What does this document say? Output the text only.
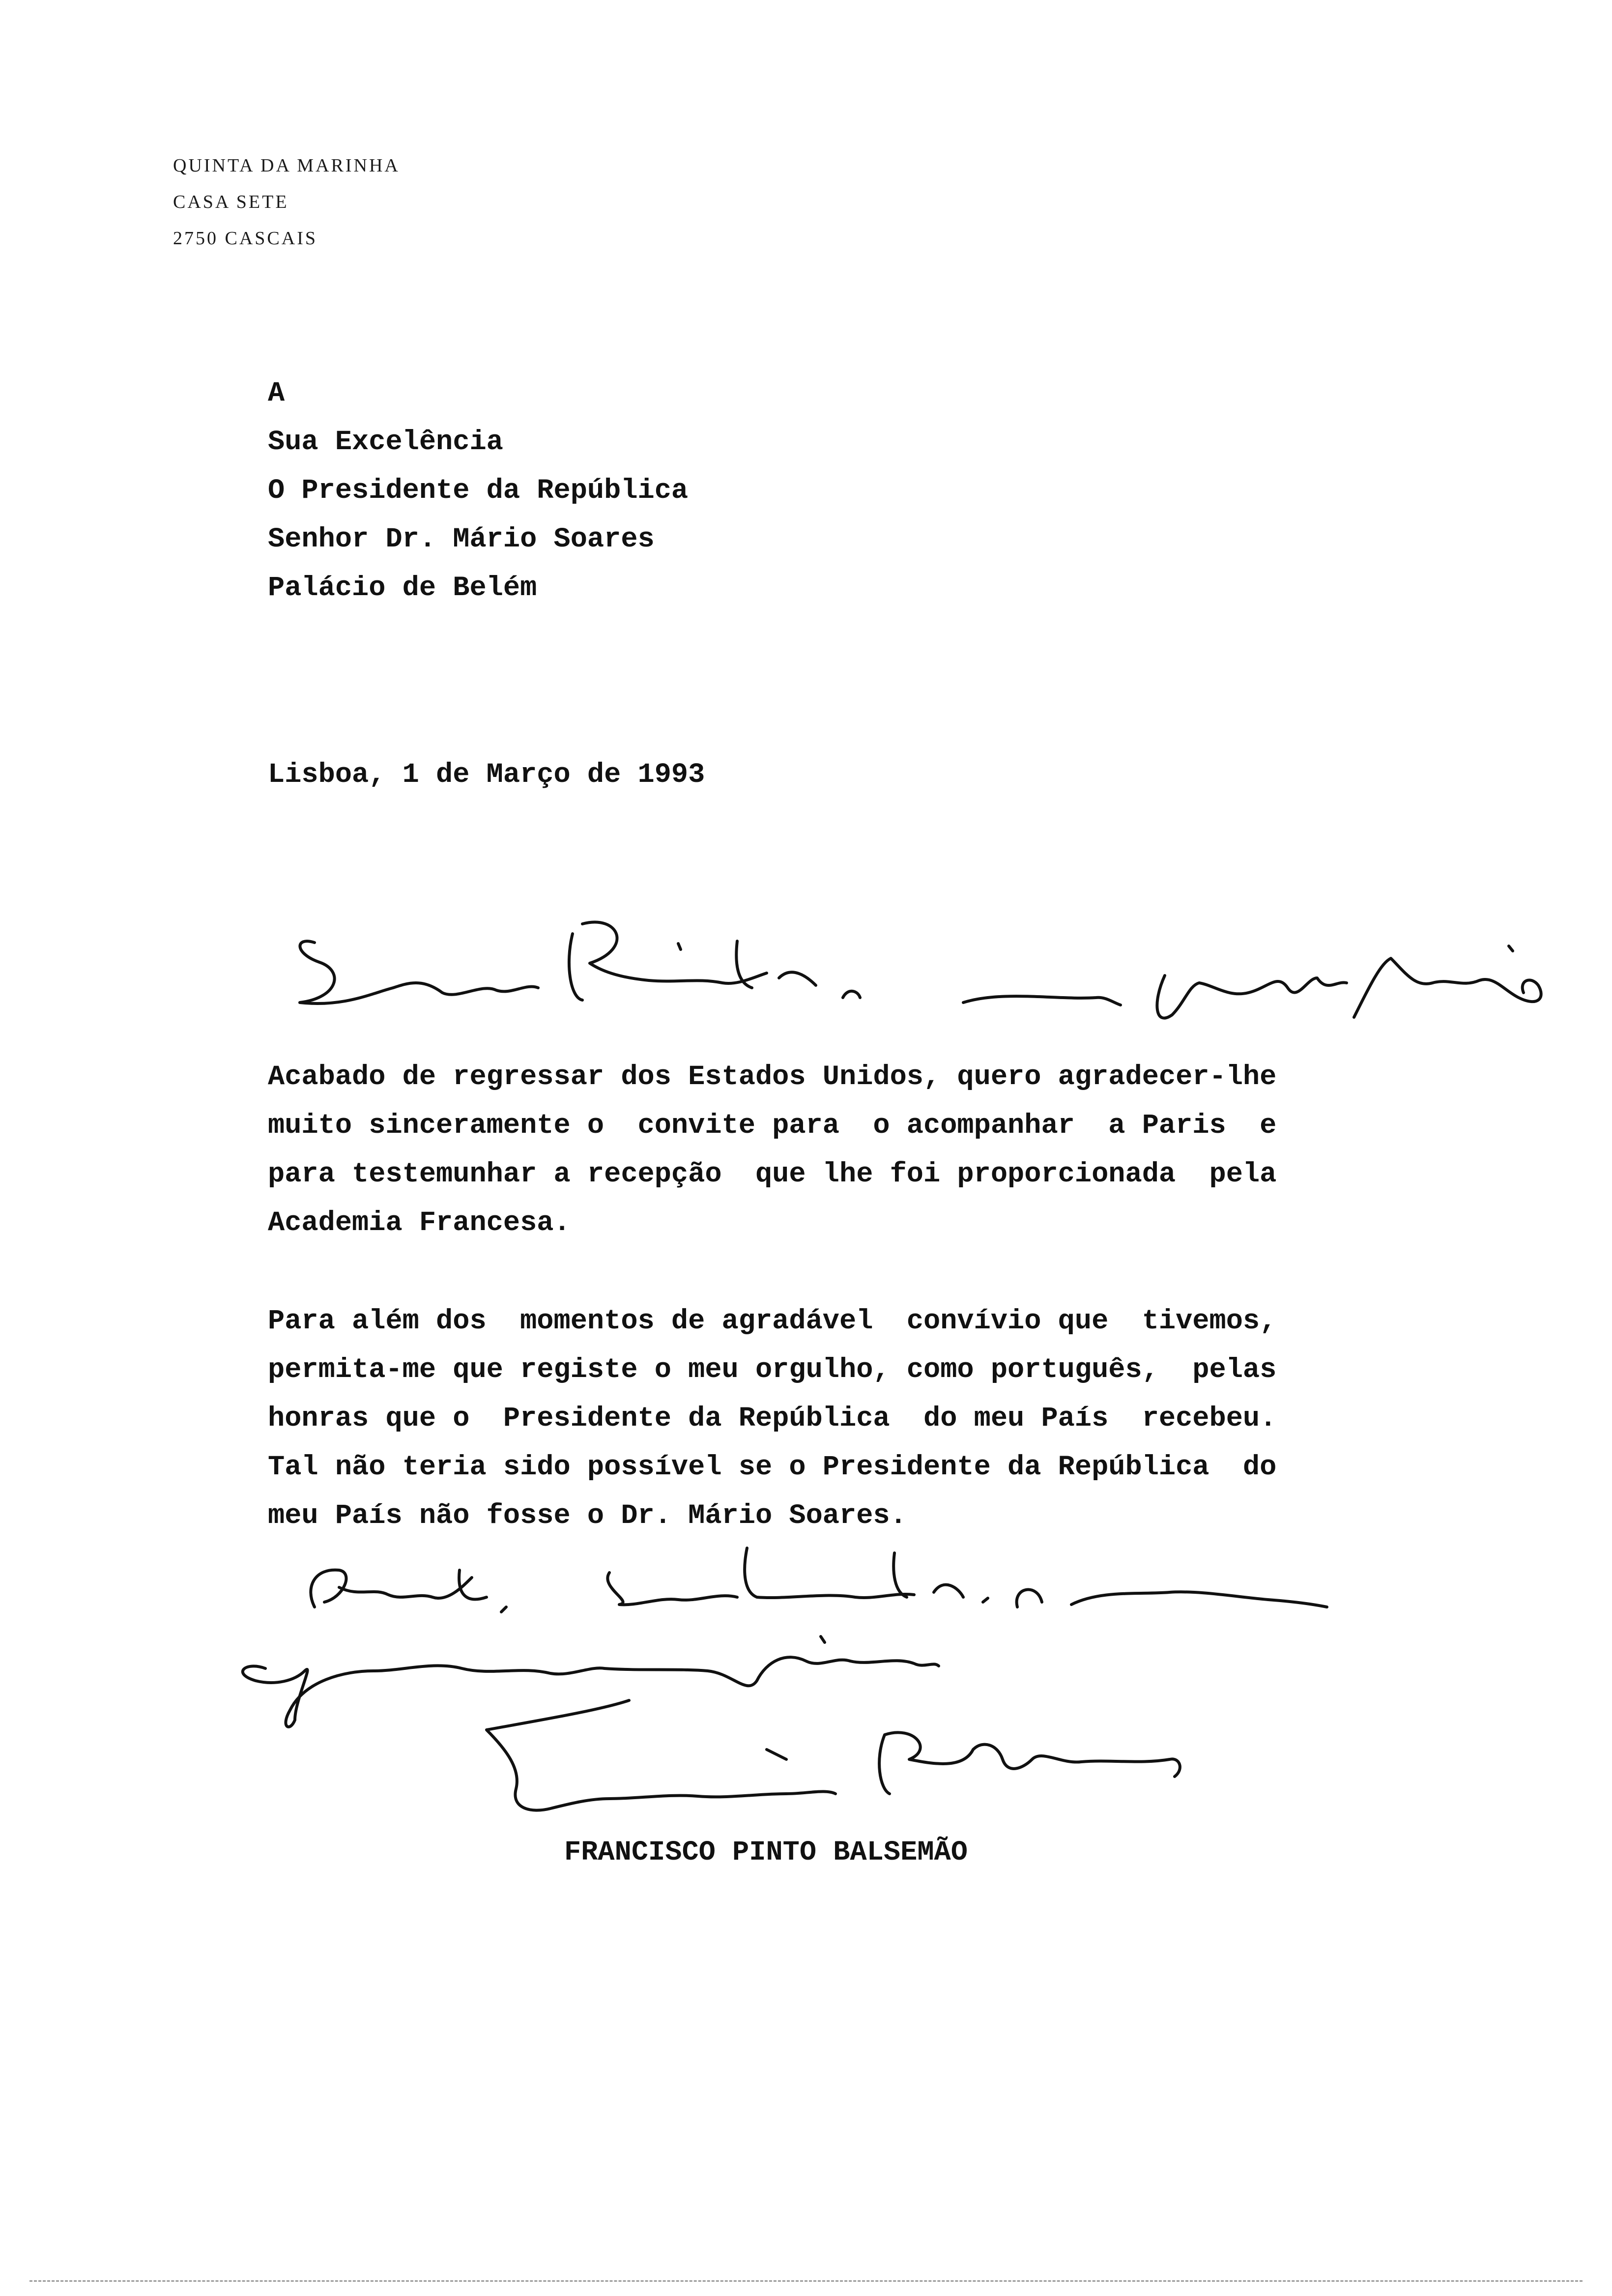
QUINTA DA MARINHA
CASA SETE
2750 CASCAIS
A
Sua Excelência
O Presidente da República
Senhor Dr. Mário Soares
Palácio de Belém
Lisboa, 1 de Março de 1993
Acabado de regressar dos Estados Unidos, quero agradecer-lhe
muito sinceramente o  convite para  o acompanhar  a Paris  e
para testemunhar a recepção  que lhe foi proporcionada  pela
Academia Francesa.
Para além dos  momentos de agradável  convívio que  tivemos,
permita-me que registe o meu orgulho, como português,  pelas
honras que o  Presidente da República  do meu País  recebeu.
Tal não teria sido possível se o Presidente da República  do
meu País não fosse o Dr. Mário Soares.
FRANCISCO PINTO BALSEMÃO
